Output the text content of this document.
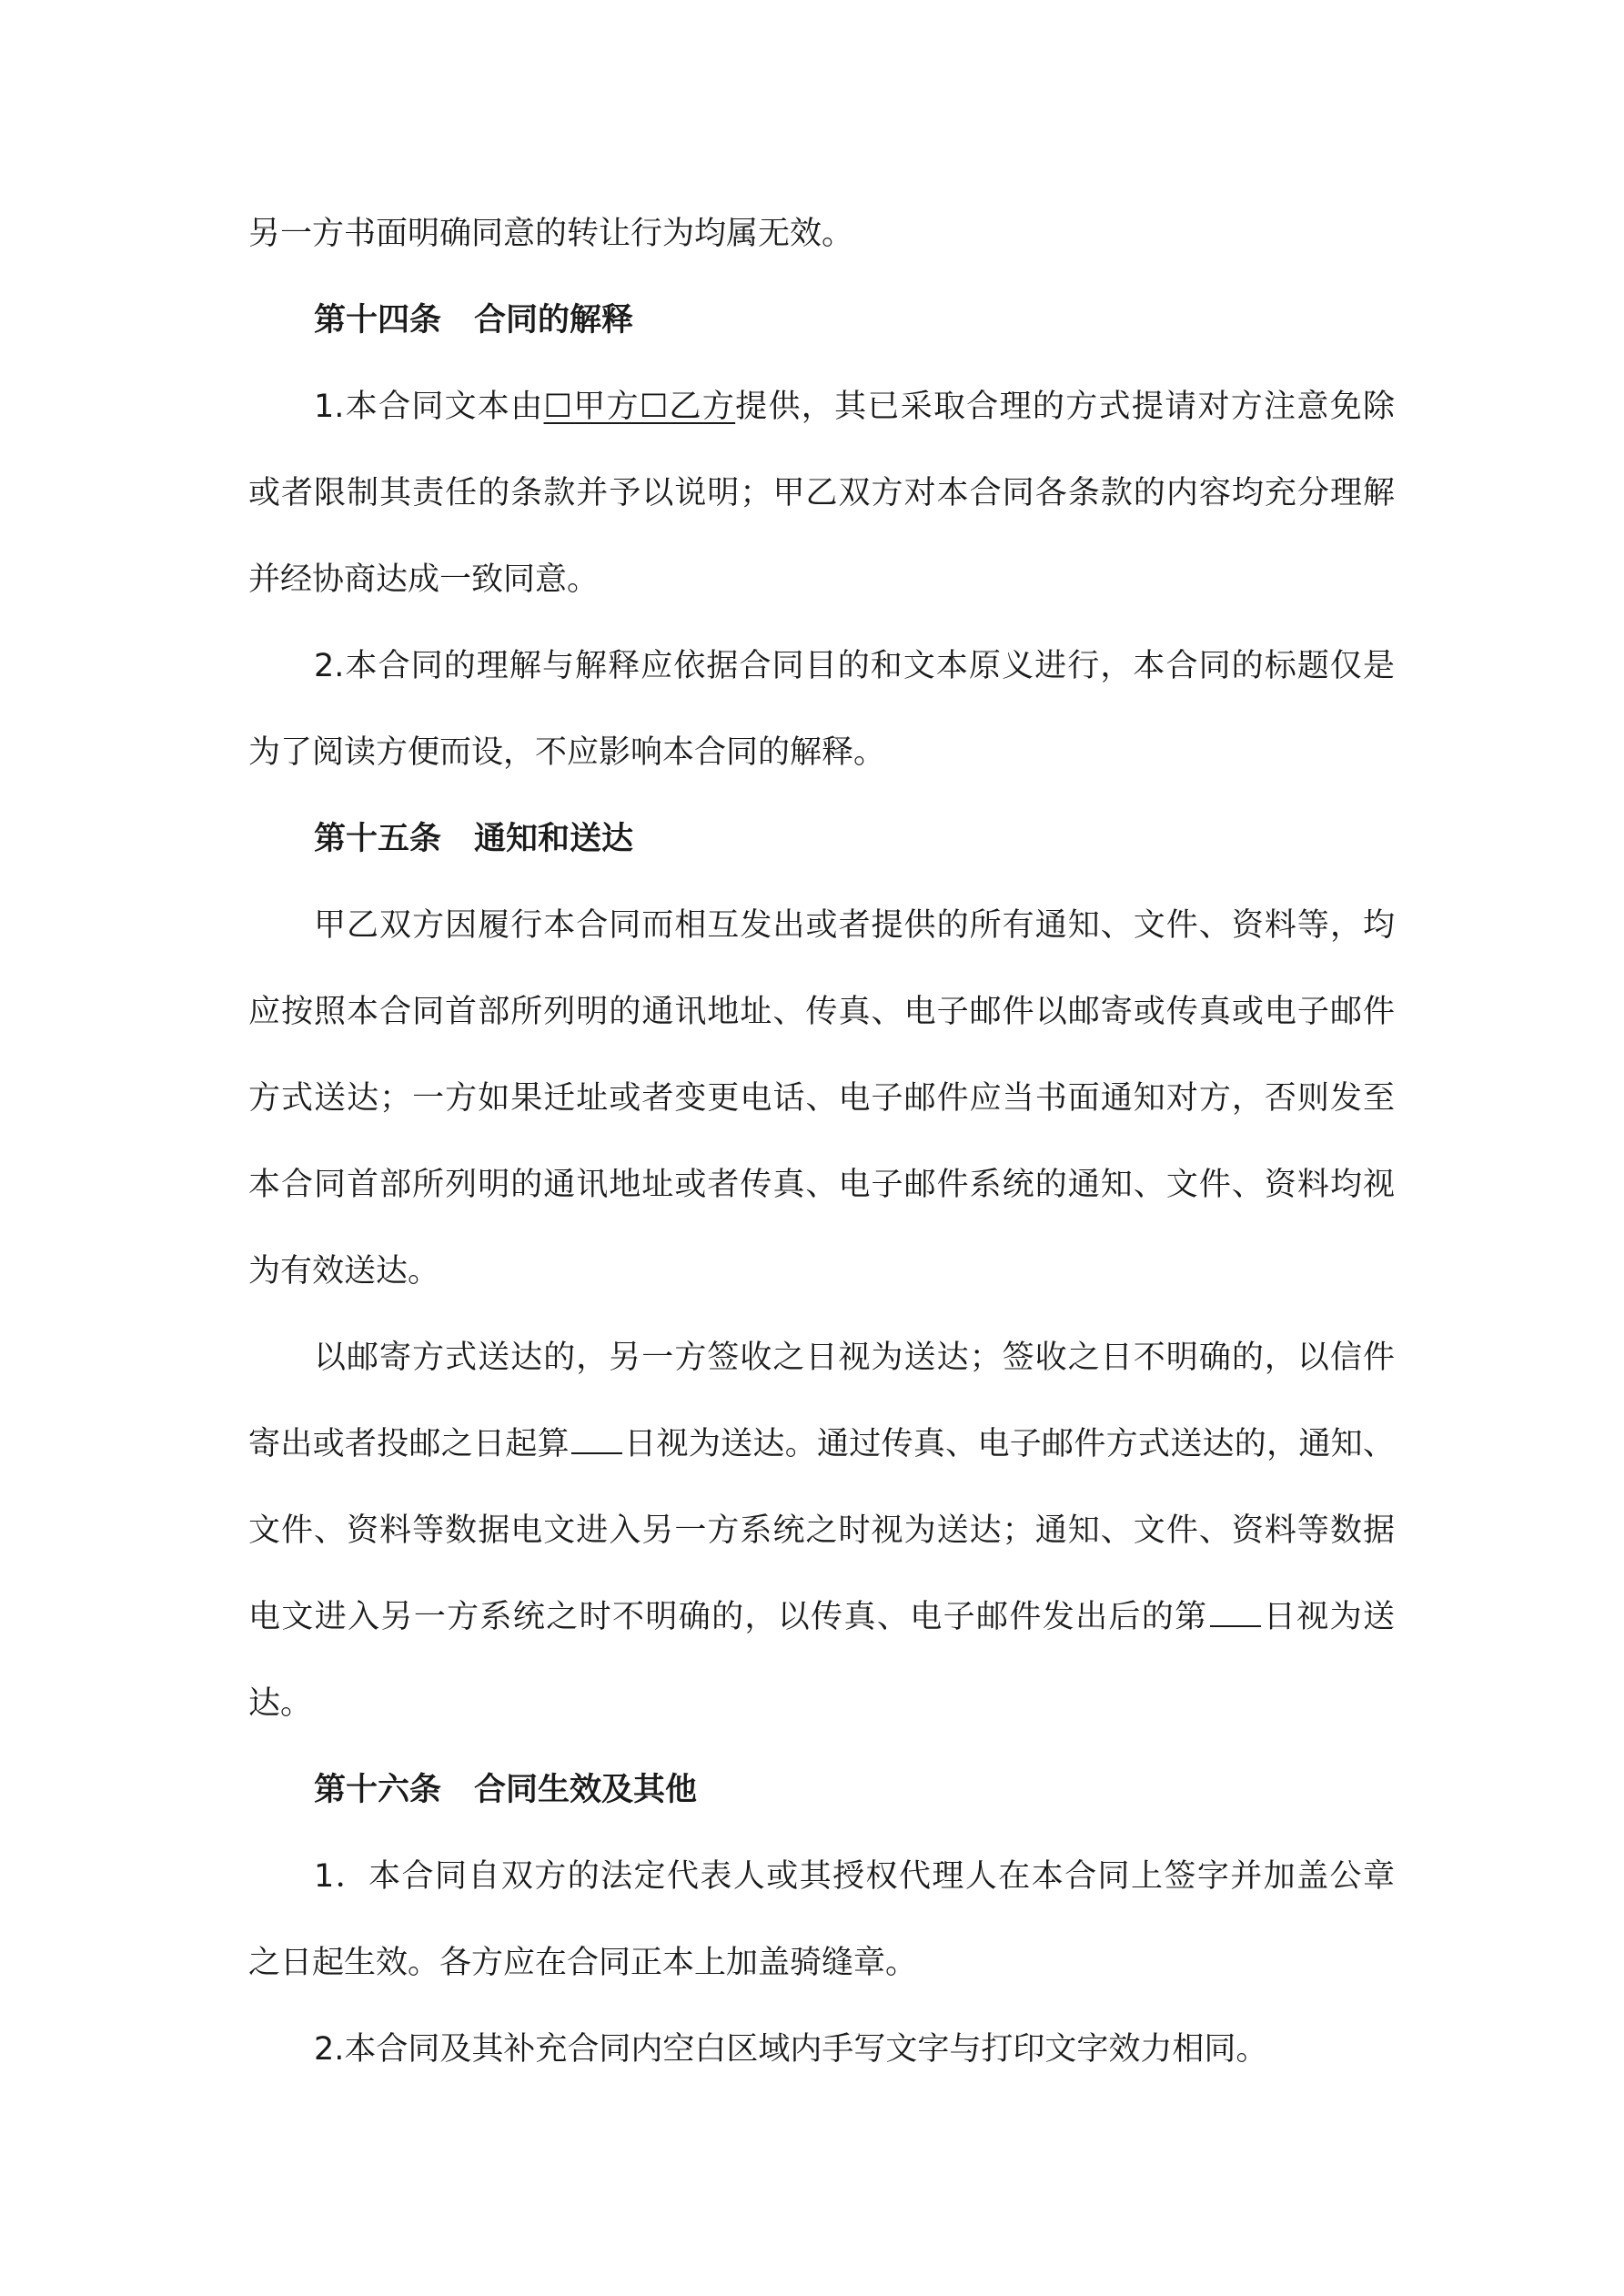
另一方书面明确同意的转让行为均属无效。

第十四条 合同的解释

1.本合同文本由☐甲方☐乙方提供，其已采取合理的方式提请对方注意免除

或者限制其责任的条款并予以说明；甲乙双方对本合同各条款的内容均充分理解

并经协商达成一致同意。

2.本合同的理解与解释应依据合同目的和文本原义进行，本合同的标题仅是

为了阅读方便而设，不应影响本合同的解释。

第十五条 通知和送达

甲乙双方因履行本合同而相互发出或者提供的所有通知、文件、资料等，均

应按照本合同首部所列明的通讯地址、传真、电子邮件以邮寄或传真或电子邮件

方式送达；一方如果迁址或者变更电话、电子邮件应当书面通知对方，否则发至

本合同首部所列明的通讯地址或者传真、电子邮件系统的通知、文件、资料均视

为有效送达。

以邮寄方式送达的，另一方签收之日视为送达；签收之日不明确的，以信件

寄出或者投邮之日起算 日视为送达。通过传真、电子邮件方式送达的，通知、

文件、资料等数据电文进入另一方系统之时视为送达；通知、文件、资料等数据

电文进入另一方系统之时不明确的，以传真、电子邮件发出后的第 日视为送

达。

第十六条 合同生效及其他

1．本合同自双方的法定代表人或其授权代理人在本合同上签字并加盖公章

之日起生效。各方应在合同正本上加盖骑缝章。

2.本合同及其补充合同内空白区域内手写文字与打印文字效力相同。
